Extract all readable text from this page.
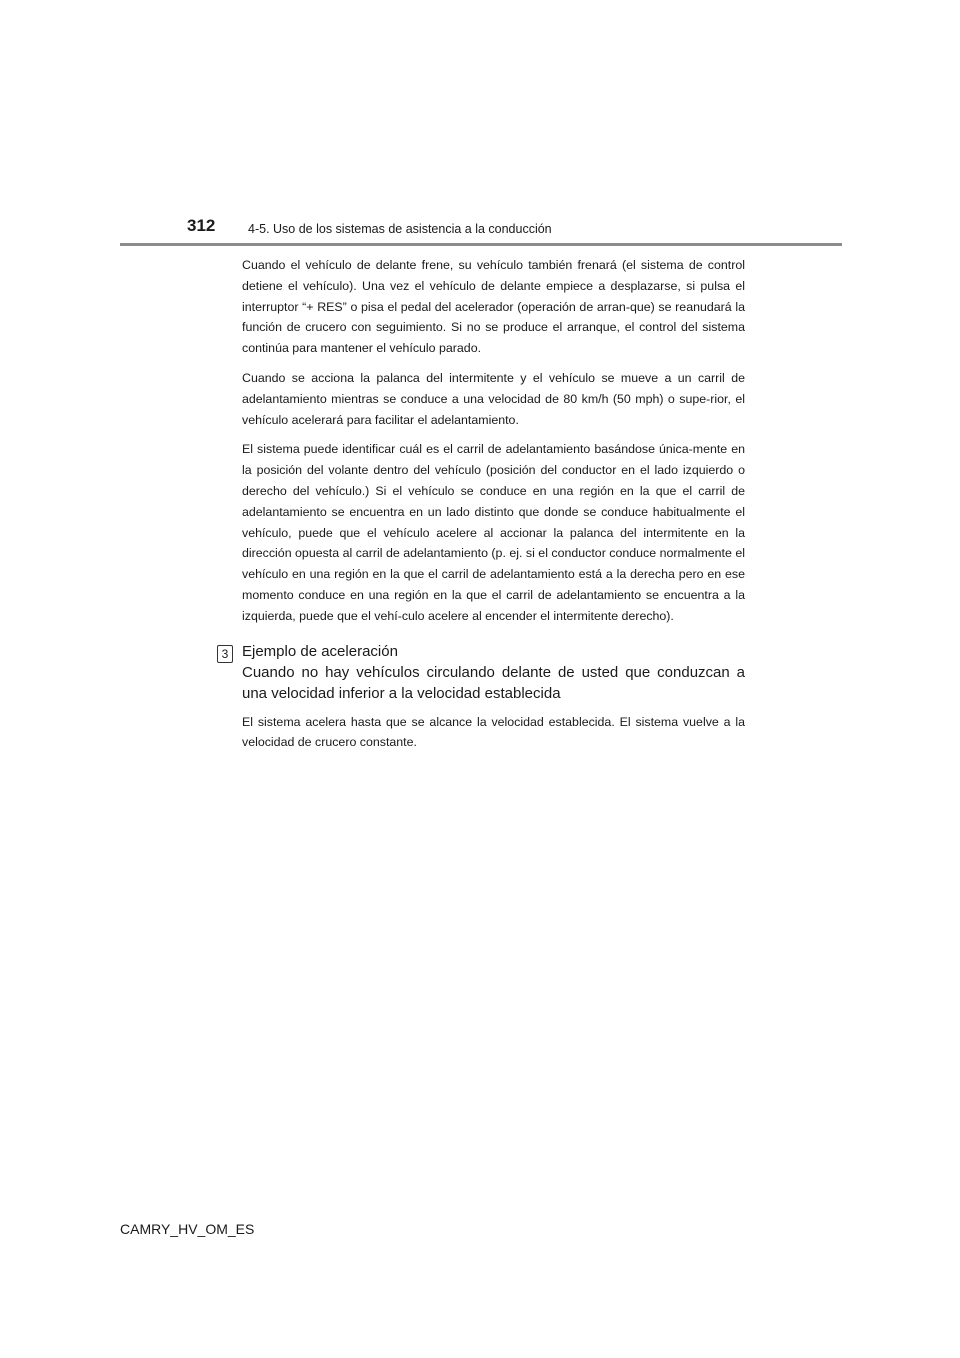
312	4-5. Uso de los sistemas de asistencia a la conducción

Cuando el vehículo de delante frene, su vehículo también frenará (el sistema de control detiene el vehículo). Una vez el vehículo de delante empiece a desplazarse, si pulsa el interruptor “+ RES” o pisa el pedal del acelerador (operación de arran-que) se reanudará la función de crucero con seguimiento. Si no se produce el arranque, el control del sistema continúa para mantener el vehículo parado.

Cuando se acciona la palanca del intermitente y el vehículo se mueve a un carril de adelantamiento mientras se conduce a una velocidad de 80 km/h (50 mph) o supe-rior, el vehículo acelerará para facilitar el adelantamiento.

El sistema puede identificar cuál es el carril de adelantamiento basándose única-mente en la posición del volante dentro del vehículo (posición del conductor en el lado izquierdo o derecho del vehículo.) Si el vehículo se conduce en una región en la que el carril de adelantamiento se encuentra en un lado distinto que donde se conduce habitualmente el vehículo, puede que el vehículo acelere al accionar la palanca del intermitente en la dirección opuesta al carril de adelantamiento (p. ej. si el conductor conduce normalmente el vehículo en una región en la que el carril de adelantamiento está a la derecha pero en ese momento conduce en una región en la que el carril de adelantamiento se encuentra a la izquierda, puede que el vehí-culo acelere al encender el intermitente derecho).

3 Ejemplo de aceleración

Cuando no hay vehículos circulando delante de usted que conduzcan a una velocidad inferior a la velocidad establecida

El sistema acelera hasta que se alcance la velocidad establecida. El sistema vuelve a la velocidad de crucero constante.

CAMRY_HV_OM_ES
